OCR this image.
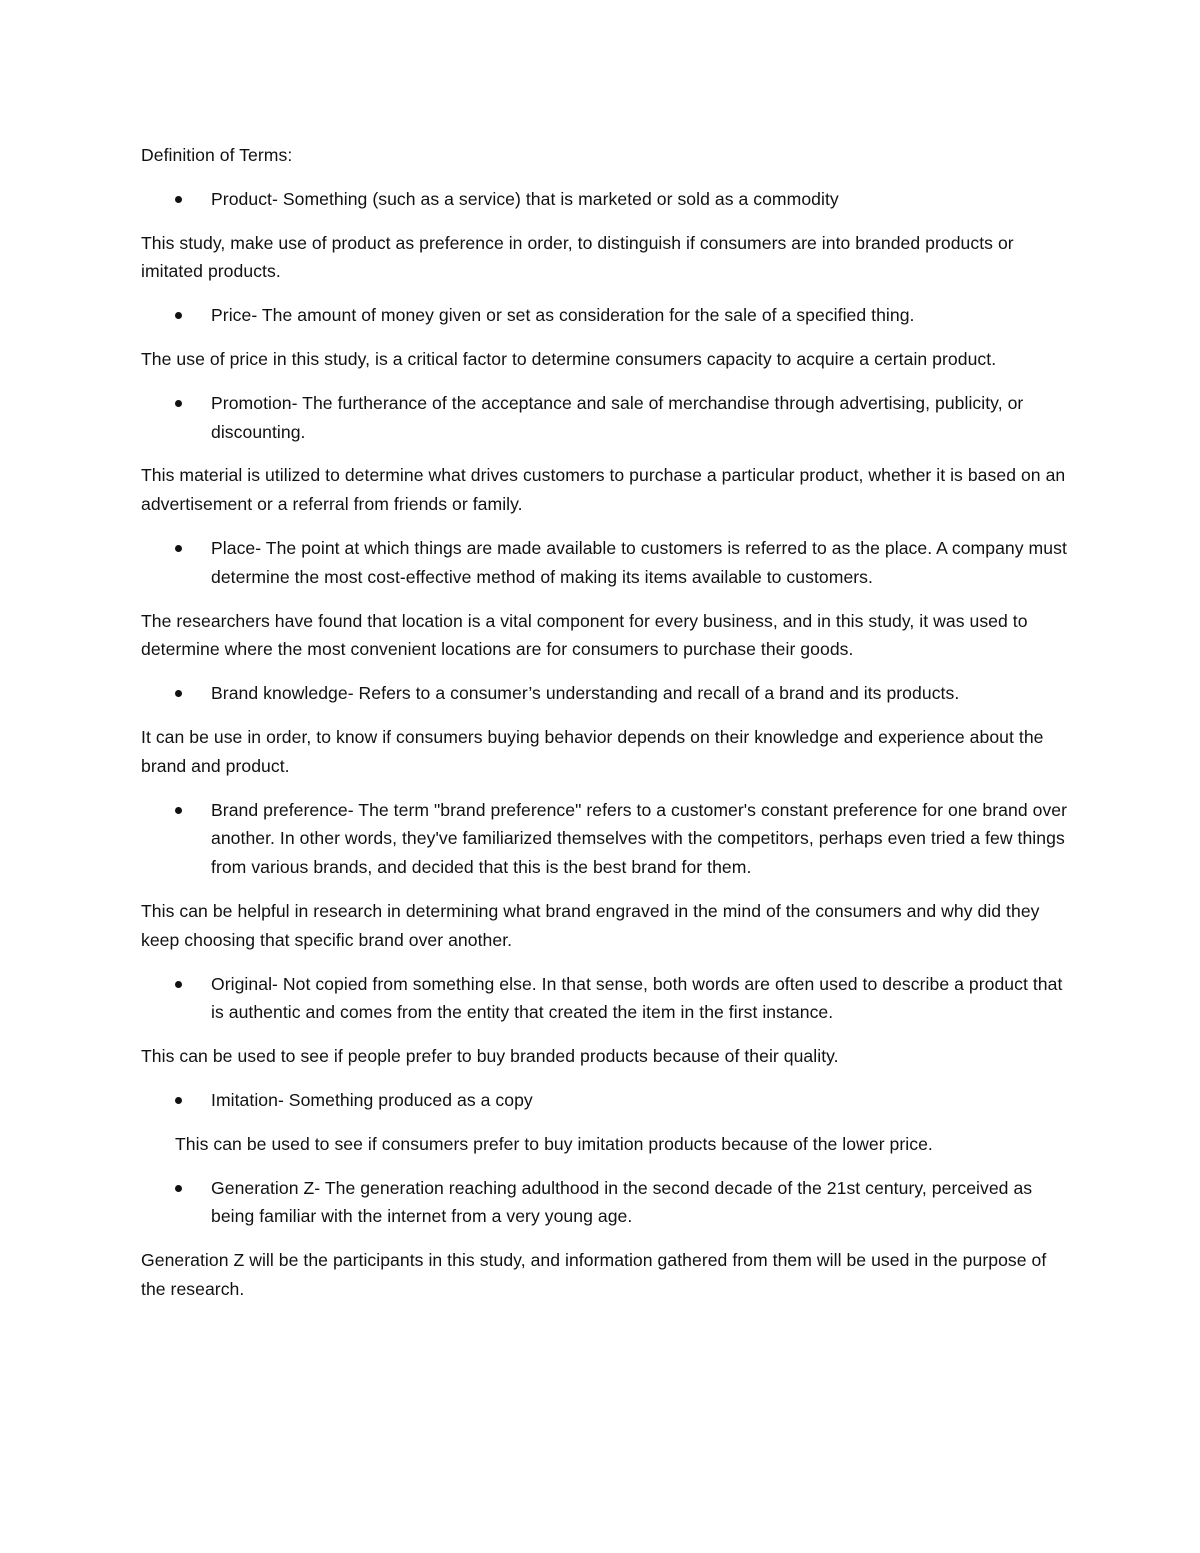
Definition of Terms:
Product- Something (such as a service) that is marketed or sold as a commodity
This study, make use of product as preference in order, to distinguish if consumers are into branded products or imitated products.
Price- The amount of money given or set as consideration for the sale of a specified thing.
The use of price in this study, is a critical factor to determine consumers capacity to acquire a certain product.
Promotion- The furtherance of the acceptance and sale of merchandise through advertising, publicity, or discounting.
This material is utilized to determine what drives customers to purchase a particular product, whether it is based on an advertisement or a referral from friends or family.
Place- The point at which things are made available to customers is referred to as the place. A company must determine the most cost-effective method of making its items available to customers.
The researchers have found that location is a vital component for every business, and in this study, it was used to determine where the most convenient locations are for consumers to purchase their goods.
Brand knowledge- Refers to a consumer’s understanding and recall of a brand and its products.
It can be use in order, to know if consumers buying behavior depends on their knowledge and experience about the brand and product.
Brand preference- The term "brand preference" refers to a customer's constant preference for one brand over another. In other words, they've familiarized themselves with the competitors, perhaps even tried a few things from various brands, and decided that this is the best brand for them.
This can be helpful in research in determining what brand engraved in the mind of the consumers and why did they keep choosing that specific brand over another.
Original- Not copied from something else. In that sense, both words are often used to describe a product that is authentic and comes from the entity that created the item in the first instance.
This can be used to see if people prefer to buy branded products because of their quality.
Imitation- Something produced as a copy
This can be used to see if consumers prefer to buy imitation products because of the lower price.
Generation Z- The generation reaching adulthood in the second decade of the 21st century, perceived as being familiar with the internet from a very young age.
Generation Z will be the participants in this study, and information gathered from them will be used in the purpose of the research.
